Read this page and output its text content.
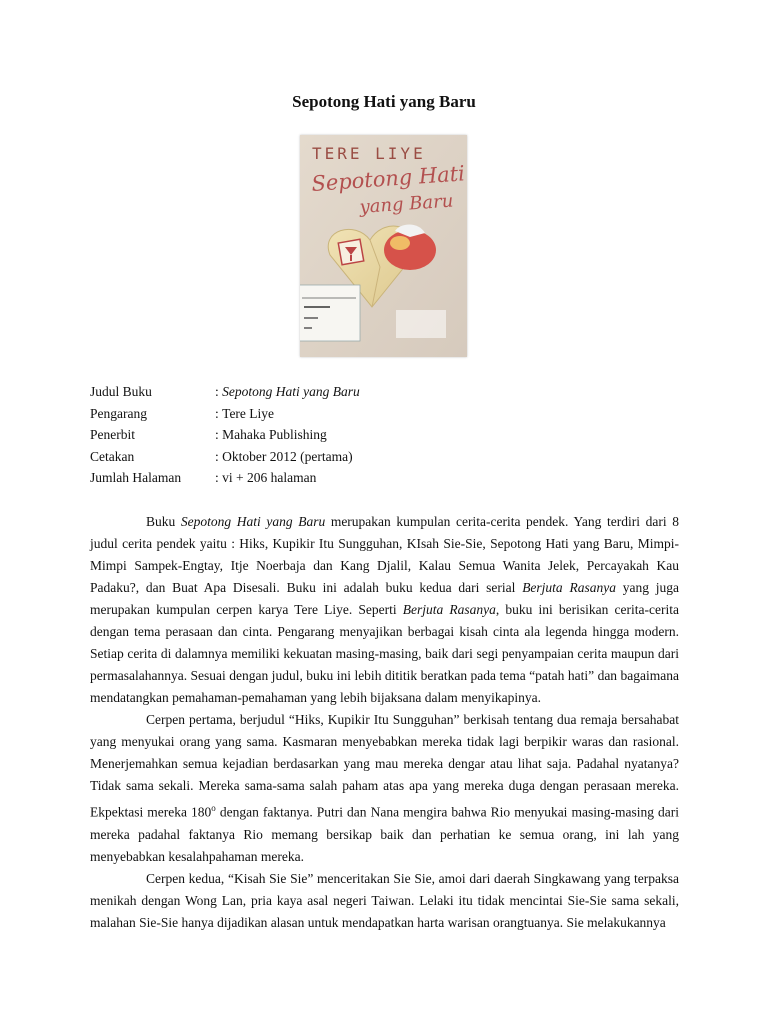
Sepotong Hati yang Baru
TERE LIYE
Sepotong Hati
yang Baru
Judul Buku	: Sepotong Hati yang Baru
Pengarang	: Tere Liye
Penerbit	: Mahaka Publishing
Cetakan	: Oktober 2012 (pertama)
Jumlah Halaman	: vi + 206 halaman

Buku Sepotong Hati yang Baru merupakan kumpulan cerita-cerita pendek. Yang terdiri dari 8 judul cerita pendek yaitu : Hiks, Kupikir Itu Sungguhan, KIsah Sie-Sie, Sepotong Hati yang Baru, Mimpi-Mimpi Sampek-Engtay, Itje Noerbaja dan Kang Djalil, Kalau Semua Wanita Jelek, Percayakah Kau Padaku?, dan Buat Apa Disesali. Buku ini adalah buku kedua dari serial Berjuta Rasanya yang juga merupakan kumpulan cerpen karya Tere Liye. Seperti Berjuta Rasanya, buku ini berisikan cerita-cerita dengan tema perasaan dan cinta. Pengarang menyajikan berbagai kisah cinta ala legenda hingga modern. Setiap cerita di dalamnya memiliki kekuatan masing-masing, baik dari segi penyampaian cerita maupun dari permasalahannya. Sesuai dengan judul, buku ini lebih dititik beratkan pada tema “patah hati” dan bagaimana mendatangkan pemahaman-pemahaman yang lebih bijaksana dalam menyikapinya.

Cerpen pertama, berjudul “Hiks, Kupikir Itu Sungguhan” berkisah tentang dua remaja bersahabat yang menyukai orang yang sama. Kasmaran menyebabkan mereka tidak lagi berpikir waras dan rasional. Menerjemahkan semua kejadian berdasarkan yang mau mereka dengar atau lihat saja. Padahal nyatanya? Tidak sama sekali. Mereka sama-sama salah paham atas apa yang mereka duga dengan perasaan mereka. Ekpektasi mereka 180$^o$ dengan faktanya. Putri dan Nana mengira bahwa Rio menyukai masing-masing dari mereka padahal faktanya Rio memang bersikap baik dan perhatian ke semua orang, ini lah yang menyebabkan kesalahpahaman mereka.

Cerpen kedua, “Kisah Sie Sie” menceritakan Sie Sie, amoi dari daerah Singkawang yang terpaksa menikah dengan Wong Lan, pria kaya asal negeri Taiwan. Lelaki itu tidak mencintai Sie-Sie sama sekali, malahan Sie-Sie hanya dijadikan alasan untuk mendapatkan harta warisan orangtuanya. Sie melakukannya
